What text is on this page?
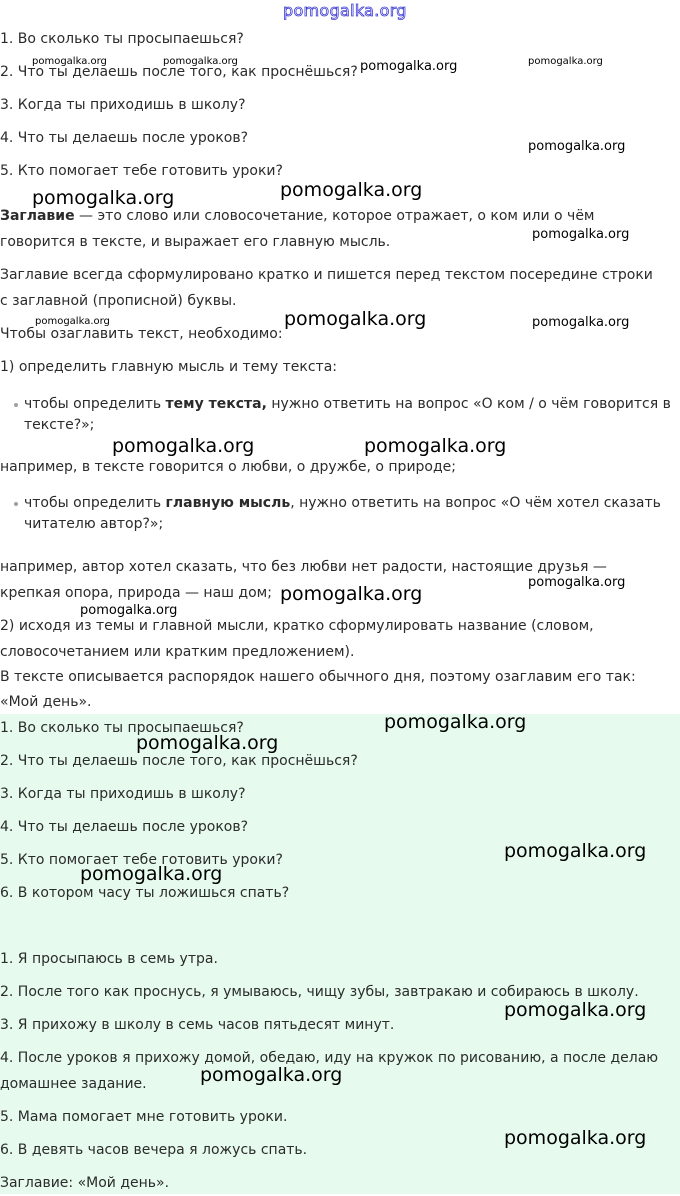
pomogalka.org

1. Во сколько ты просыпаешься?

2. Что ты делаешь после того, как проснёшься?

3. Когда ты приходишь в школу?

4. Что ты делаешь после уроков?

5. Кто помогает тебе готовить уроки?

Заглавие — это слово или словосочетание, которое отражает, о ком или о чём

говорится в тексте, и выражает его главную мысль.

Заглавие всегда сформулировано кратко и пишется перед текстом посередине строки

с заглавной (прописной) буквы.

Чтобы озаглавить текст, необходимо:

1) определить главную мысль и тему текста:

чтобы определить тему текста, нужно ответить на вопрос «О ком / о чём говорится в

тексте?»;

например, в тексте говорится о любви, о дружбе, о природе;

чтобы определить главную мысль, нужно ответить на вопрос «О чём хотел сказать

читателю автор?»;

например, автор хотел сказать, что без любви нет радости, настоящие друзья —

крепкая опора, природа — наш дом;

2) исходя из темы и главной мысли, кратко сформулировать название (словом,

словосочетанием или кратким предложением).

В тексте описывается распорядок нашего обычного дня, поэтому озаглавим его так:

«Мой день».

1. Во сколько ты просыпаешься?

2. Что ты делаешь после того, как проснёшься?

3. Когда ты приходишь в школу?

4. Что ты делаешь после уроков?

5. Кто помогает тебе готовить уроки?

6. В котором часу ты ложишься спать?

1. Я просыпаюсь в семь утра.

2. После того как проснусь, я умываюсь, чищу зубы, завтракаю и собираюсь в школу.

3. Я прихожу в школу в семь часов пятьдесят минут.

4. После уроков я прихожу домой, обедаю, иду на кружок по рисованию, а после делаю

домашнее задание.

5. Мама помогает мне готовить уроки.

6. В девять часов вечера я ложусь спать.

Заглавие: «Мой день».

pomogalka.org	pomogalka.org	pomogalka.org	pomogalka.org
pomogalka.org
pomogalka.org	pomogalka.org
pomogalka.org
pomogalka.org	pomogalka.org	pomogalka.org
pomogalka.org	pomogalka.org
pomogalka.org
pomogalka.org
pomogalka.org
pomogalka.org
pomogalka.org
pomogalka.org
pomogalka.org
pomogalka.org
pomogalka.org
pomogalka.org
